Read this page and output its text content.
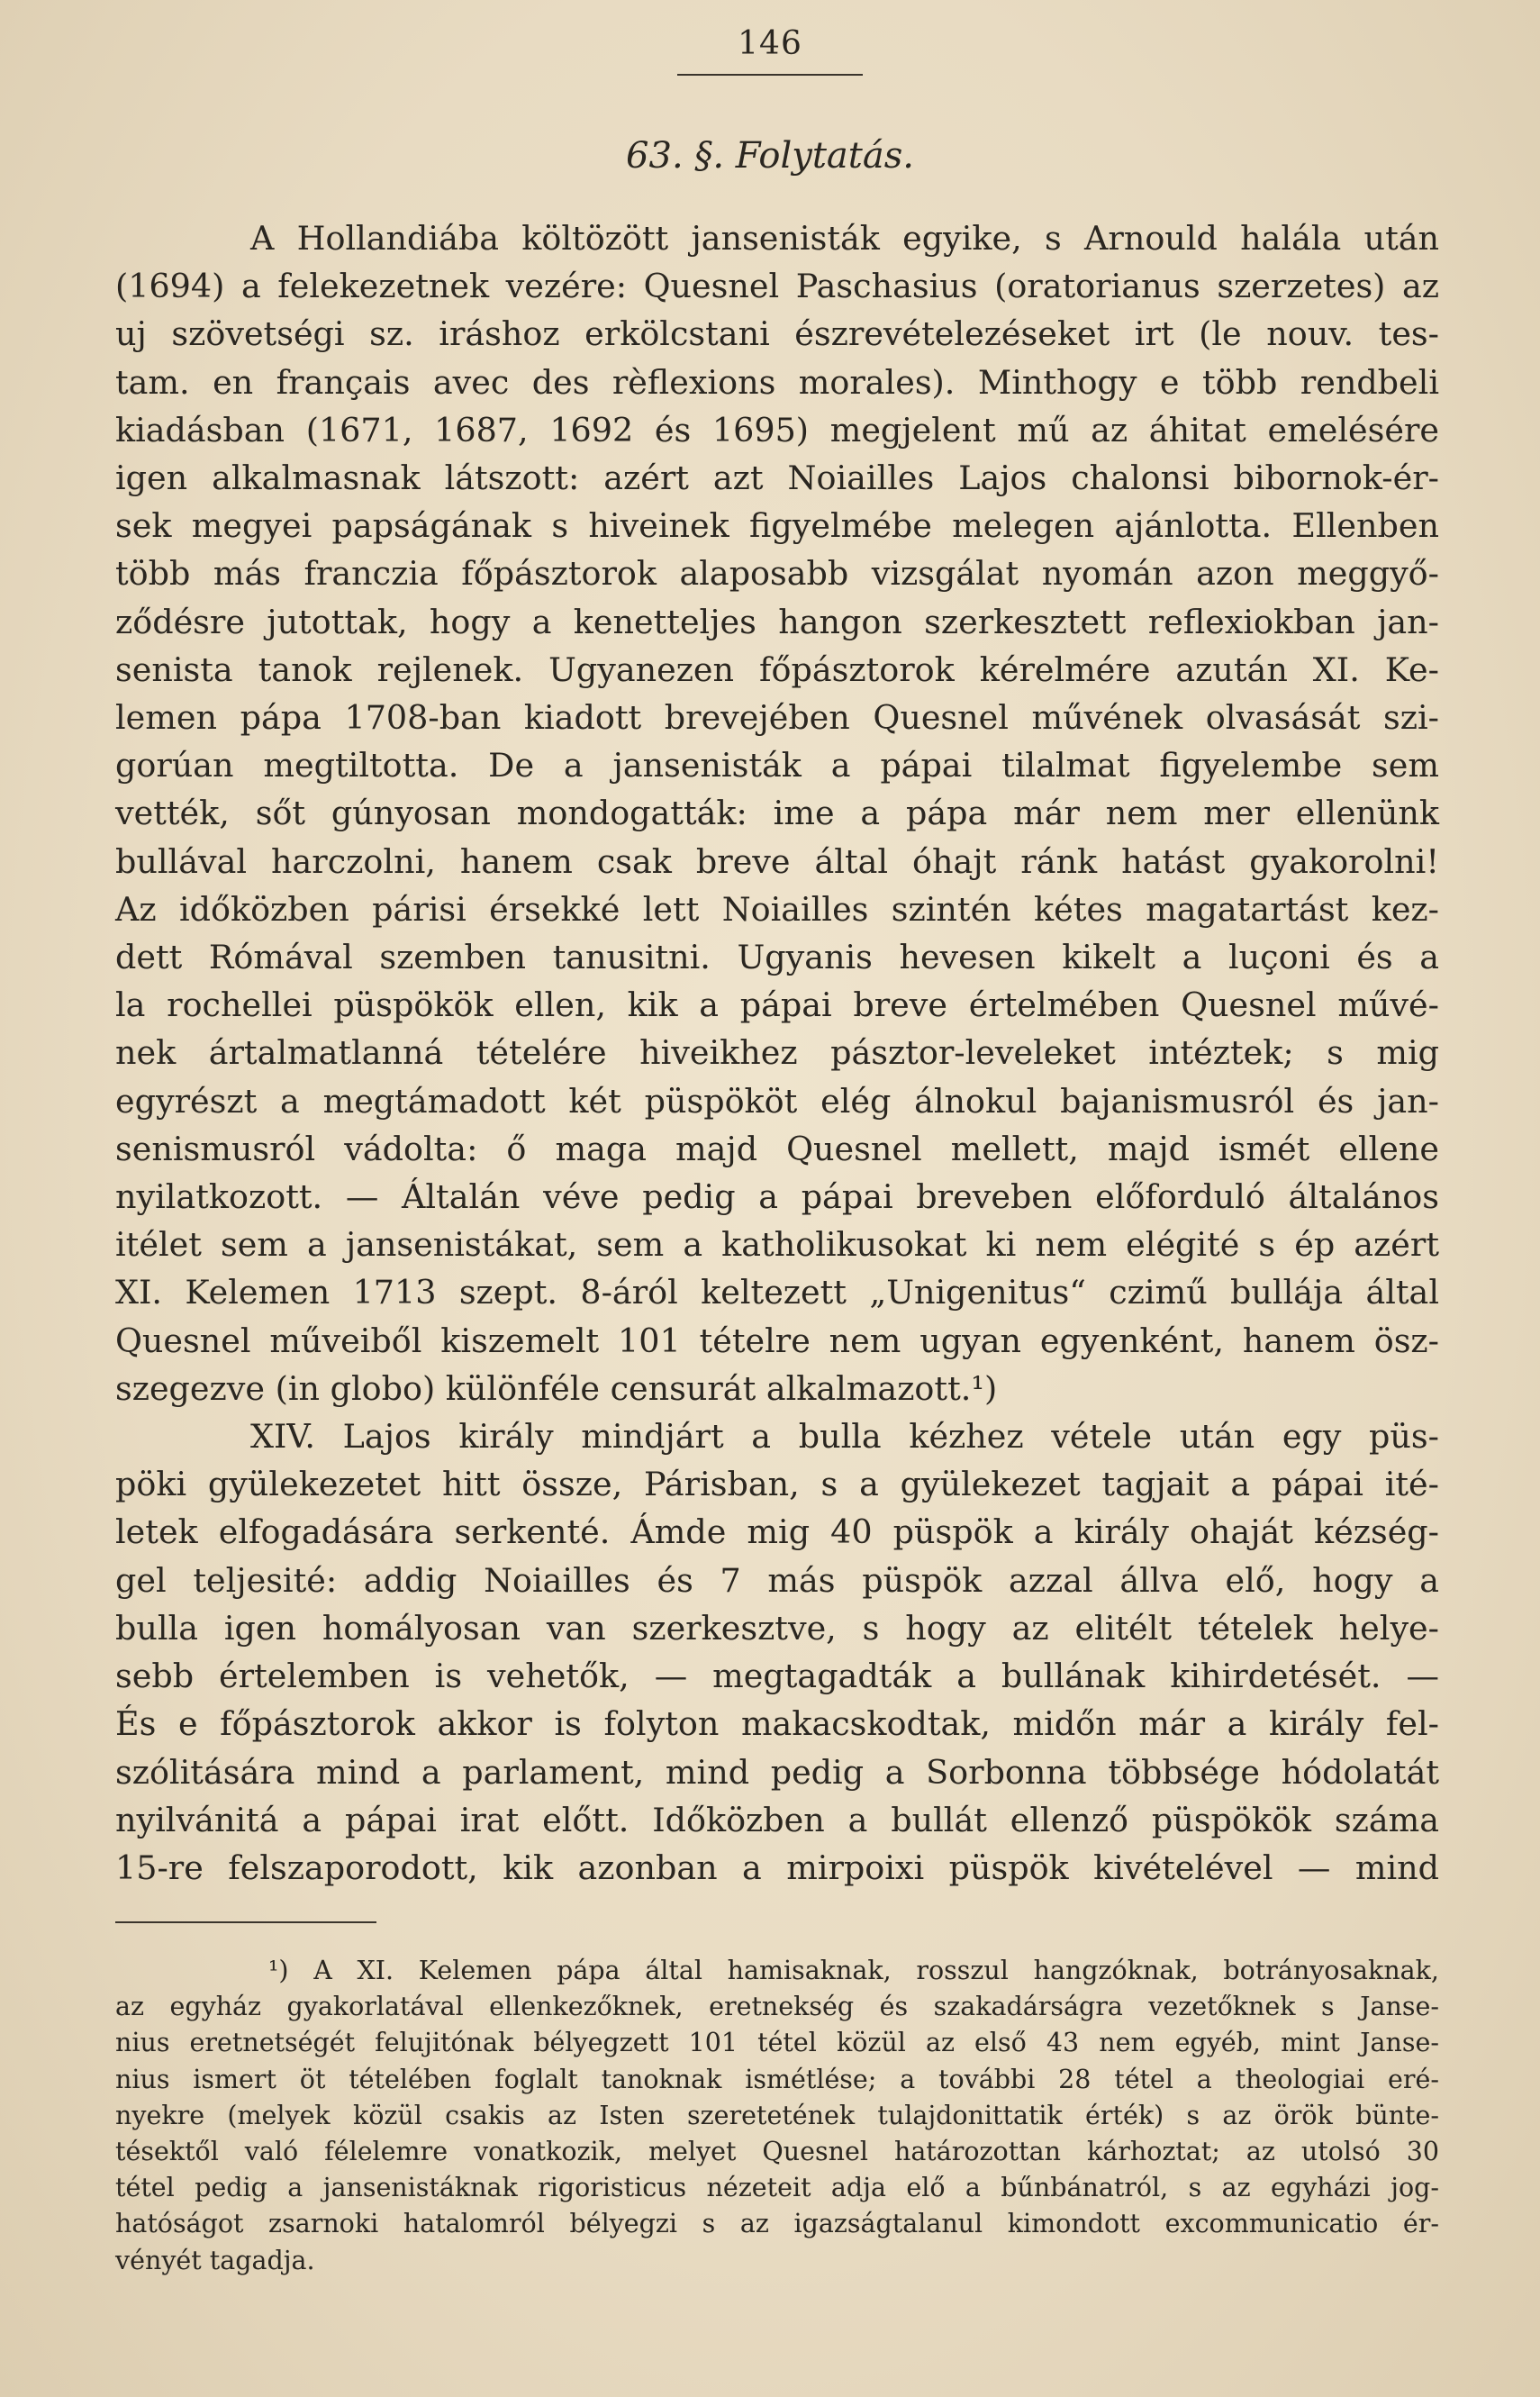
146
63. §. Folytatás.
A Hollandiába költözött jansenisták egyike, s Arnould halála után
(1694) a felekezetnek vezére: Quesnel Paschasius (oratorianus szerzetes) az
uj szövetségi sz. iráshoz erkölcstani észrevételezéseket irt (le nouv. tes-
tam. en français avec des rèflexions morales). Minthogy e több rendbeli
kiadásban (1671, 1687, 1692 és 1695) megjelent mű az áhitat emelésére
igen alkalmasnak látszott: azért azt Noiailles Lajos chalonsi bibornok-ér-
sek megyei papságának s hiveinek figyelmébe melegen ajánlotta. Ellenben
több más franczia főpásztorok alaposabb vizsgálat nyomán azon meggyő-
ződésre jutottak, hogy a kenetteljes hangon szerkesztett reflexiokban jan-
senista tanok rejlenek. Ugyanezen főpásztorok kérelmére azután XI. Ke-
lemen pápa 1708-ban kiadott brevejében Quesnel művének olvasását szi-
gorúan megtiltotta. De a jansenisták a pápai tilalmat figyelembe sem
vették, sőt gúnyosan mondogatták: ime a pápa már nem mer ellenünk
bullával harczolni, hanem csak breve által óhajt ránk hatást gyakorolni!
Az időközben párisi érsekké lett Noiailles szintén kétes magatartást kez-
dett Rómával szemben tanusitni. Ugyanis hevesen kikelt a luçoni és a
la rochellei püspökök ellen, kik a pápai breve értelmében Quesnel művé-
nek ártalmatlanná tételére hiveikhez pásztor-leveleket intéztek; s mig
egyrészt a megtámadott két püspököt elég álnokul bajanismusról és jan-
senismusról vádolta: ő maga majd Quesnel mellett, majd ismét ellene
nyilatkozott. — Általán véve pedig a pápai breveben előforduló általános
itélet sem a jansenistákat, sem a katholikusokat ki nem elégité s ép azért
XI. Kelemen 1713 szept. 8-áról keltezett „Unigenitus“ czimű bullája által
Quesnel műveiből kiszemelt 101 tételre nem ugyan egyenként, hanem ösz-
szegezve (in globo) különféle censurát alkalmazott.¹)
XIV. Lajos király mindjárt a bulla kézhez vétele után egy püs-
pöki gyülekezetet hitt össze, Párisban, s a gyülekezet tagjait a pápai ité-
letek elfogadására serkenté. Ámde mig 40 püspök a király ohaját kézség-
gel teljesité: addig Noiailles és 7 más püspök azzal állva elő, hogy a
bulla igen homályosan van szerkesztve, s hogy az elitélt tételek helye-
sebb értelemben is vehetők, — megtagadták a bullának kihirdetését. —
És e főpásztorok akkor is folyton makacskodtak, midőn már a király fel-
szólitására mind a parlament, mind pedig a Sorbonna többsége hódolatát
nyilvánitá a pápai irat előtt. Időközben a bullát ellenző püspökök száma
15-re felszaporodott, kik azonban a mirpoixi püspök kivételével — mind
¹) A XI. Kelemen pápa által hamisaknak, rosszul hangzóknak, botrányosaknak,
az egyház gyakorlatával ellenkezőknek, eretnekség és szakadárságra vezetőknek s Janse-
nius eretnetségét felujitónak bélyegzett 101 tétel közül az első 43 nem egyéb, mint Janse-
nius ismert öt tételében foglalt tanoknak ismétlése; a további 28 tétel a theologiai eré-
nyekre (melyek közül csakis az Isten szeretetének tulajdonittatik érték) s az örök bünte-
tésektől való félelemre vonatkozik, melyet Quesnel határozottan kárhoztat; az utolsó 30
tétel pedig a jansenistáknak rigoristicus nézeteit adja elő a bűnbánatról, s az egyházi jog-
hatóságot zsarnoki hatalomról bélyegzi s az igazságtalanul kimondott excommunicatio ér-
vényét tagadja.
